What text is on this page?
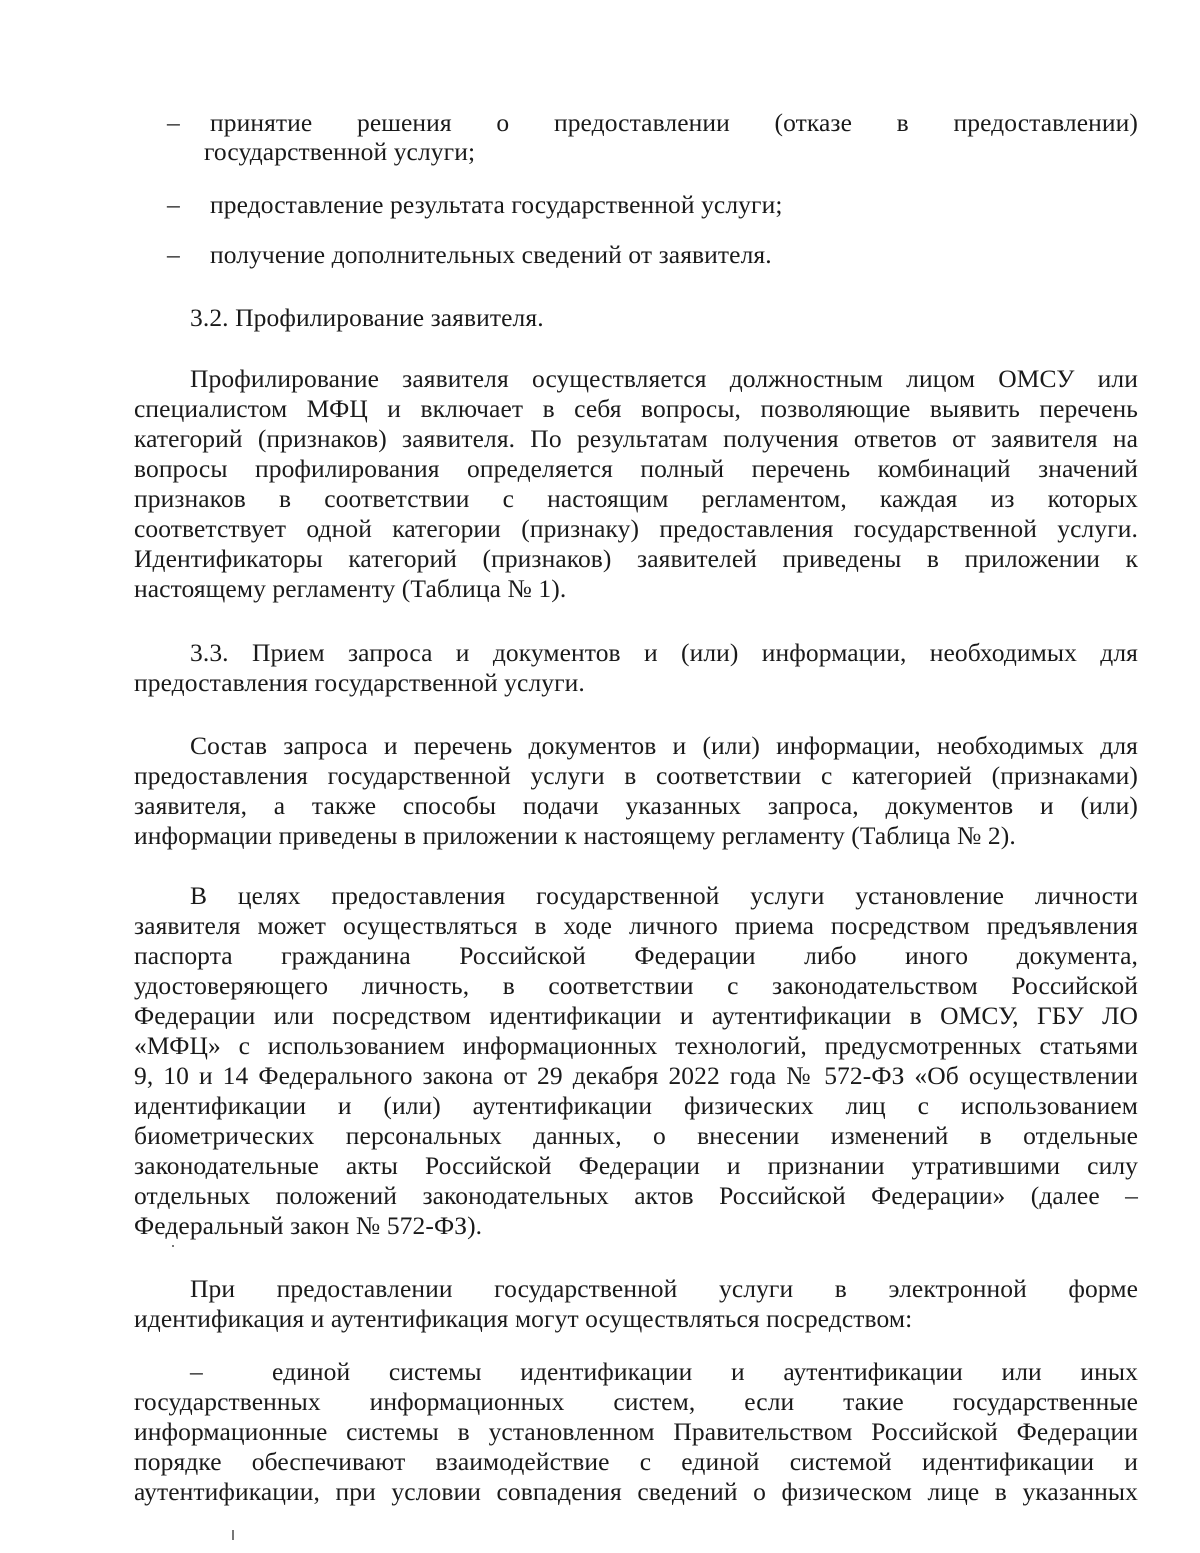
– принятие решения о предоставлении (отказе в предоставлении)
государственной услуги;
– предоставление результата государственной услуги;
– получение дополнительных сведений от заявителя.
3.2. Профилирование заявителя.
Профилирование заявителя осуществляется должностным лицом ОМСУ или
специалистом МФЦ и включает в себя вопросы, позволяющие выявить перечень
категорий (признаков) заявителя. По результатам получения ответов от заявителя на
вопросы профилирования определяется полный перечень комбинаций значений
признаков в соответствии с настоящим регламентом, каждая из которых
соответствует одной категории (признаку) предоставления государственной услуги.
Идентификаторы категорий (признаков) заявителей приведены в приложении к
настоящему регламенту (Таблица № 1).
3.3. Прием запроса и документов и (или) информации, необходимых для
предоставления государственной услуги.
Состав запроса и перечень документов и (или) информации, необходимых для
предоставления государственной услуги в соответствии с категорией (признаками)
заявителя, а также способы подачи указанных запроса, документов и (или)
информации приведены в приложении к настоящему регламенту (Таблица № 2).
В целях предоставления государственной услуги установление личности
заявителя может осуществляться в ходе личного приема посредством предъявления
паспорта гражданина Российской Федерации либо иного документа,
удостоверяющего личность, в соответствии с законодательством Российской
Федерации или посредством идентификации и аутентификации в ОМСУ, ГБУ ЛО
«МФЦ» с использованием информационных технологий, предусмотренных статьями
9, 10 и 14 Федерального закона от 29 декабря 2022 года № 572-ФЗ «Об осуществлении
идентификации и (или) аутентификации физических лиц с использованием
биометрических персональных данных, о внесении изменений в отдельные
законодательные акты Российской Федерации и признании утратившими силу
отдельных положений законодательных актов Российской Федерации» (далее –
Федеральный закон № 572-ФЗ).
При предоставлении государственной услуги в электронной форме
идентификация и аутентификация могут осуществляться посредством:
–	единой системы идентификации и аутентификации или иных
государственных информационных систем, если такие государственные
информационные системы в установленном Правительством Российской Федерации
порядке обеспечивают взаимодействие с единой системой идентификации и
аутентификации, при условии совпадения сведений о физическом лице в указанных
